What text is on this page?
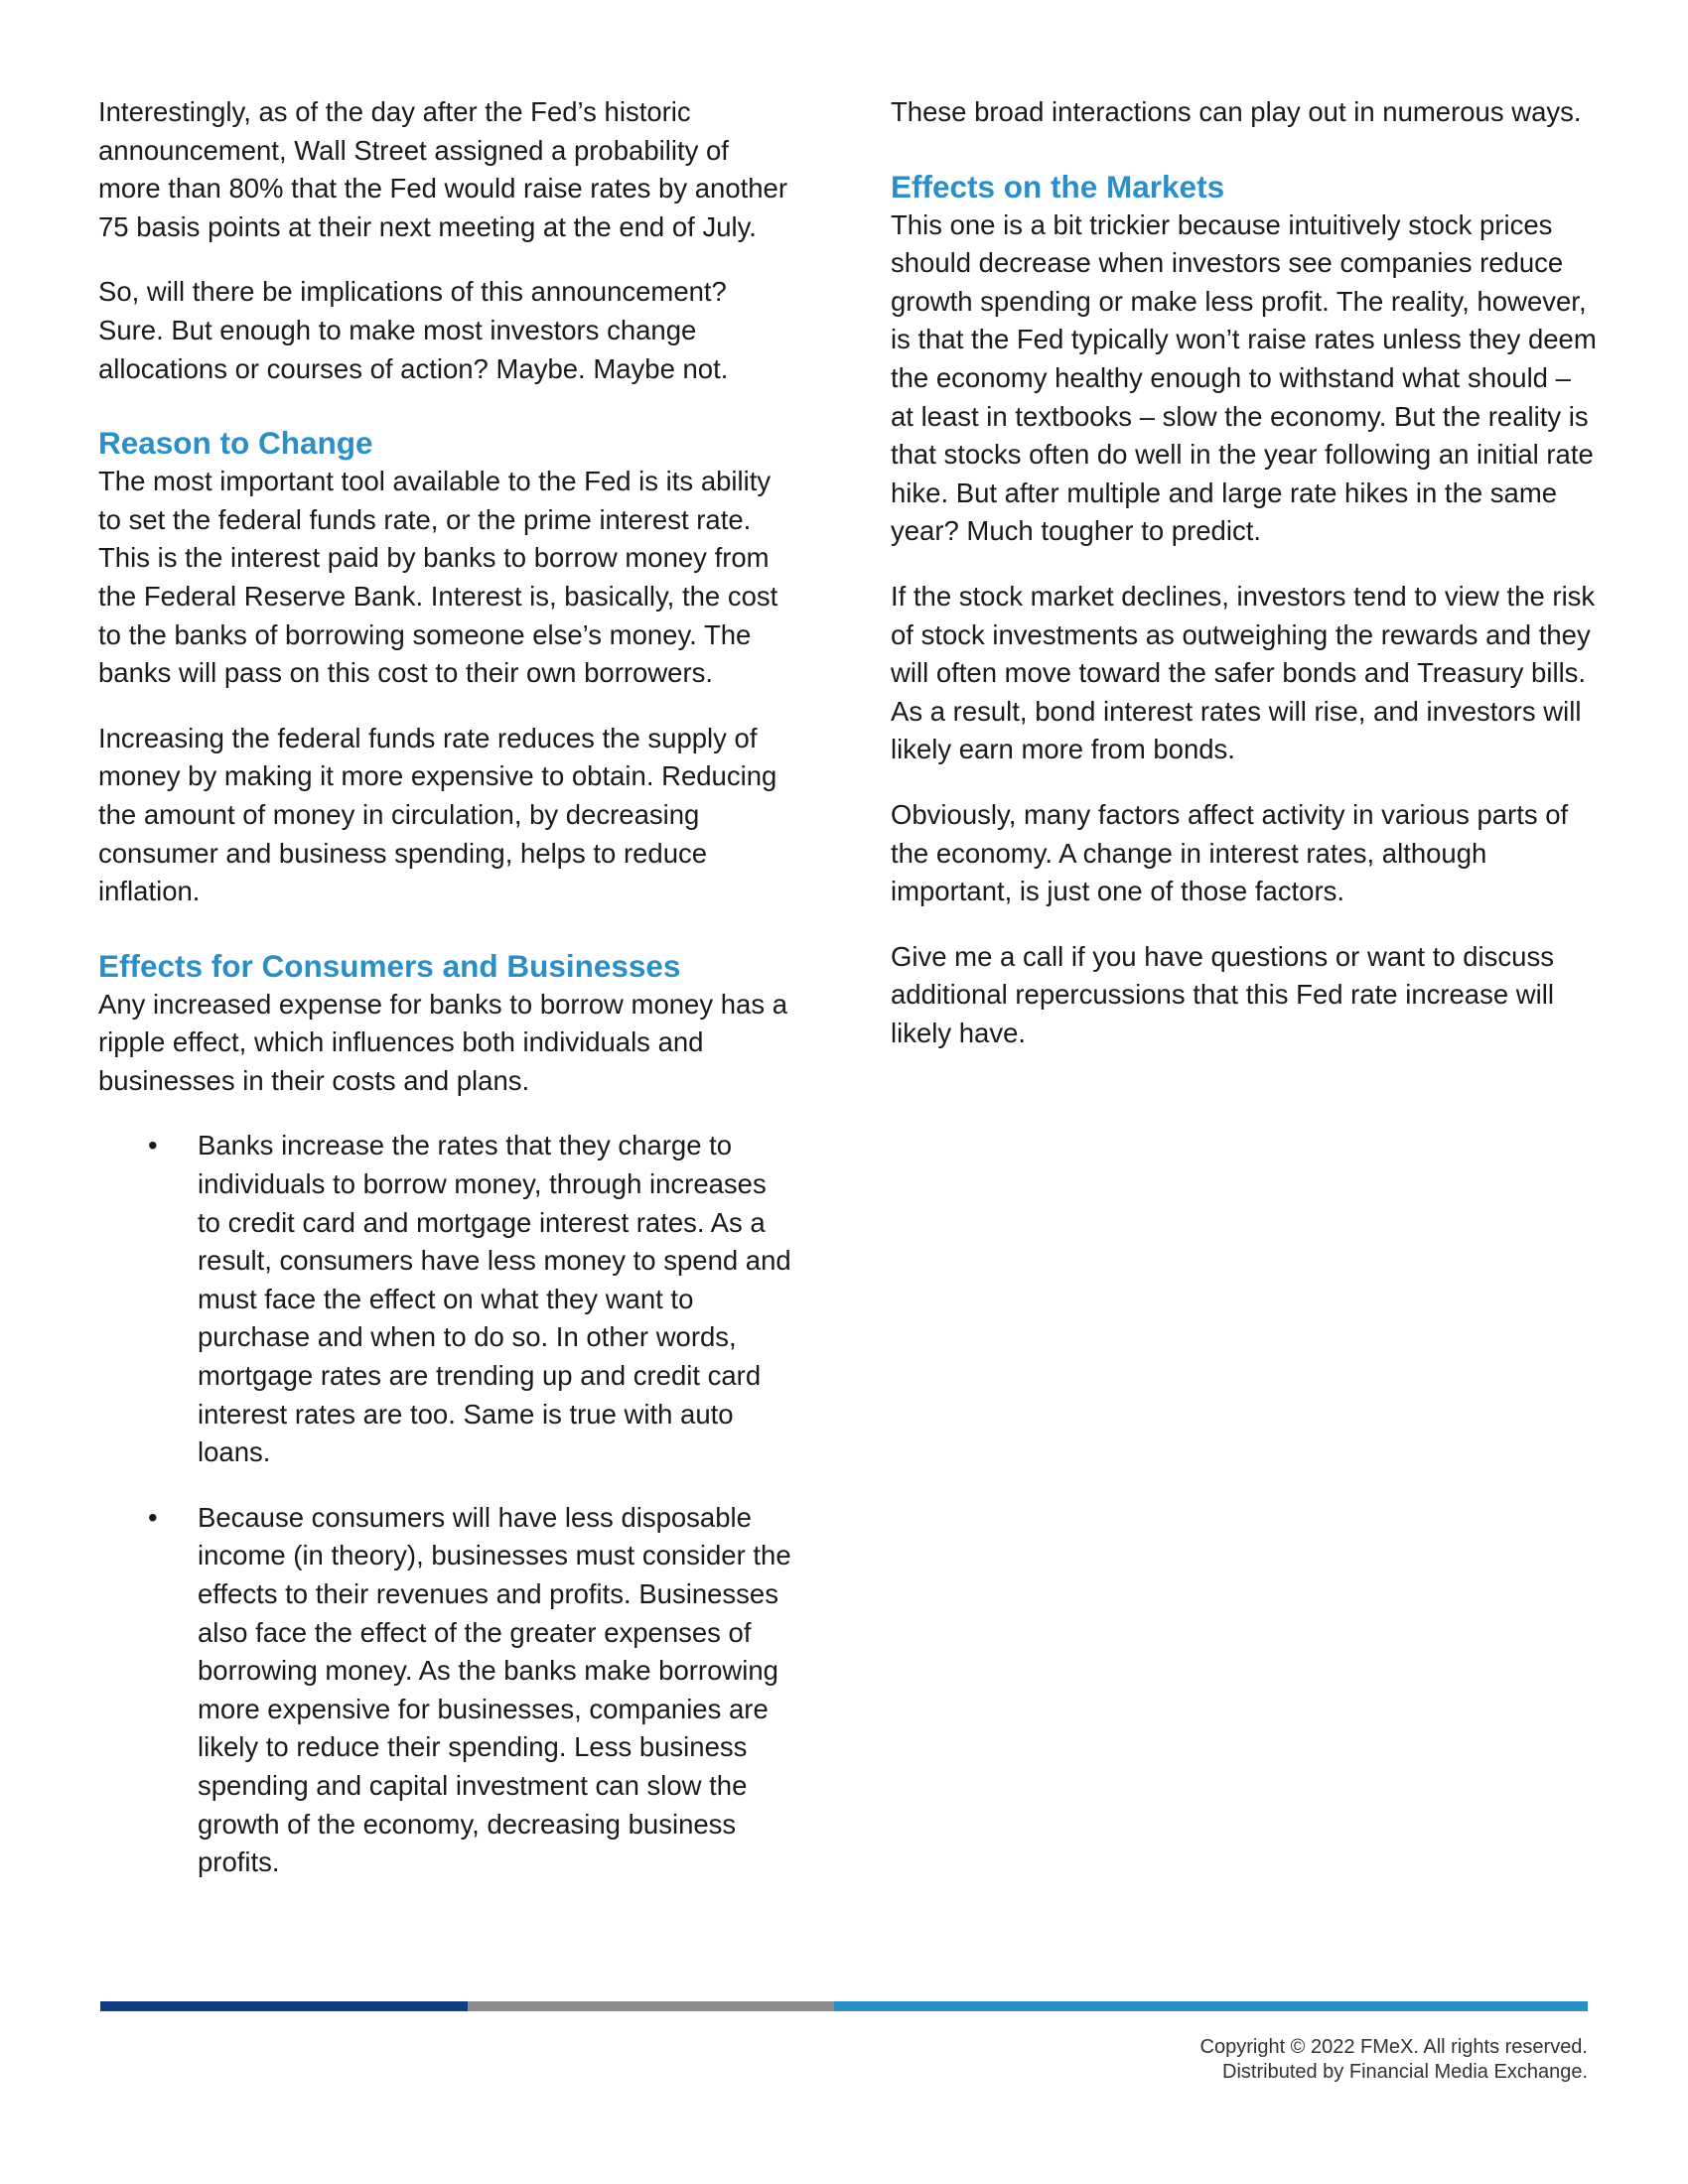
Interestingly, as of the day after the Fed’s historic announcement, Wall Street assigned a probability of more than 80% that the Fed would raise rates by another 75 basis points at their next meeting at the end of July.

So, will there be implications of this announcement? Sure. But enough to make most investors change allocations or courses of action? Maybe. Maybe not.

Reason to Change

The most important tool available to the Fed is its ability to set the federal funds rate, or the prime interest rate. This is the interest paid by banks to borrow money from the Federal Reserve Bank. Interest is, basically, the cost to the banks of borrowing someone else’s money. The banks will pass on this cost to their own borrowers.

Increasing the federal funds rate reduces the supply of money by making it more expensive to obtain. Reducing the amount of money in circulation, by decreasing consumer and business spending, helps to reduce inflation.

Effects for Consumers and Businesses

Any increased expense for banks to borrow money has a ripple effect, which influences both individuals and businesses in their costs and plans.

• Banks increase the rates that they charge to individuals to borrow money, through increases to credit card and mortgage interest rates. As a result, consumers have less money to spend and must face the effect on what they want to purchase and when to do so. In other words, mortgage rates are trending up and credit card interest rates are too. Same is true with auto loans.
• Because consumers will have less disposable income (in theory), businesses must consider the effects to their revenues and profits. Businesses also face the effect of the greater expenses of borrowing money. As the banks make borrowing more expensive for businesses, companies are likely to reduce their spending. Less business spending and capital investment can slow the growth of the economy, decreasing business profits.

These broad interactions can play out in numerous ways.

Effects on the Markets

This one is a bit trickier because intuitively stock prices should decrease when investors see companies reduce growth spending or make less profit. The reality, however, is that the Fed typically won’t raise rates unless they deem the economy healthy enough to withstand what should – at least in textbooks – slow the economy. But the reality is that stocks often do well in the year following an initial rate hike. But after multiple and large rate hikes in the same year? Much tougher to predict.

If the stock market declines, investors tend to view the risk of stock investments as outweighing the rewards and they will often move toward the safer bonds and Treasury bills. As a result, bond interest rates will rise, and investors will likely earn more from bonds.

Obviously, many factors affect activity in various parts of the economy. A change in interest rates, although important, is just one of those factors.

Give me a call if you have questions or want to discuss additional repercussions that this Fed rate increase will likely have.

Copyright © 2022 FMeX. All rights reserved.
Distributed by Financial Media Exchange.
